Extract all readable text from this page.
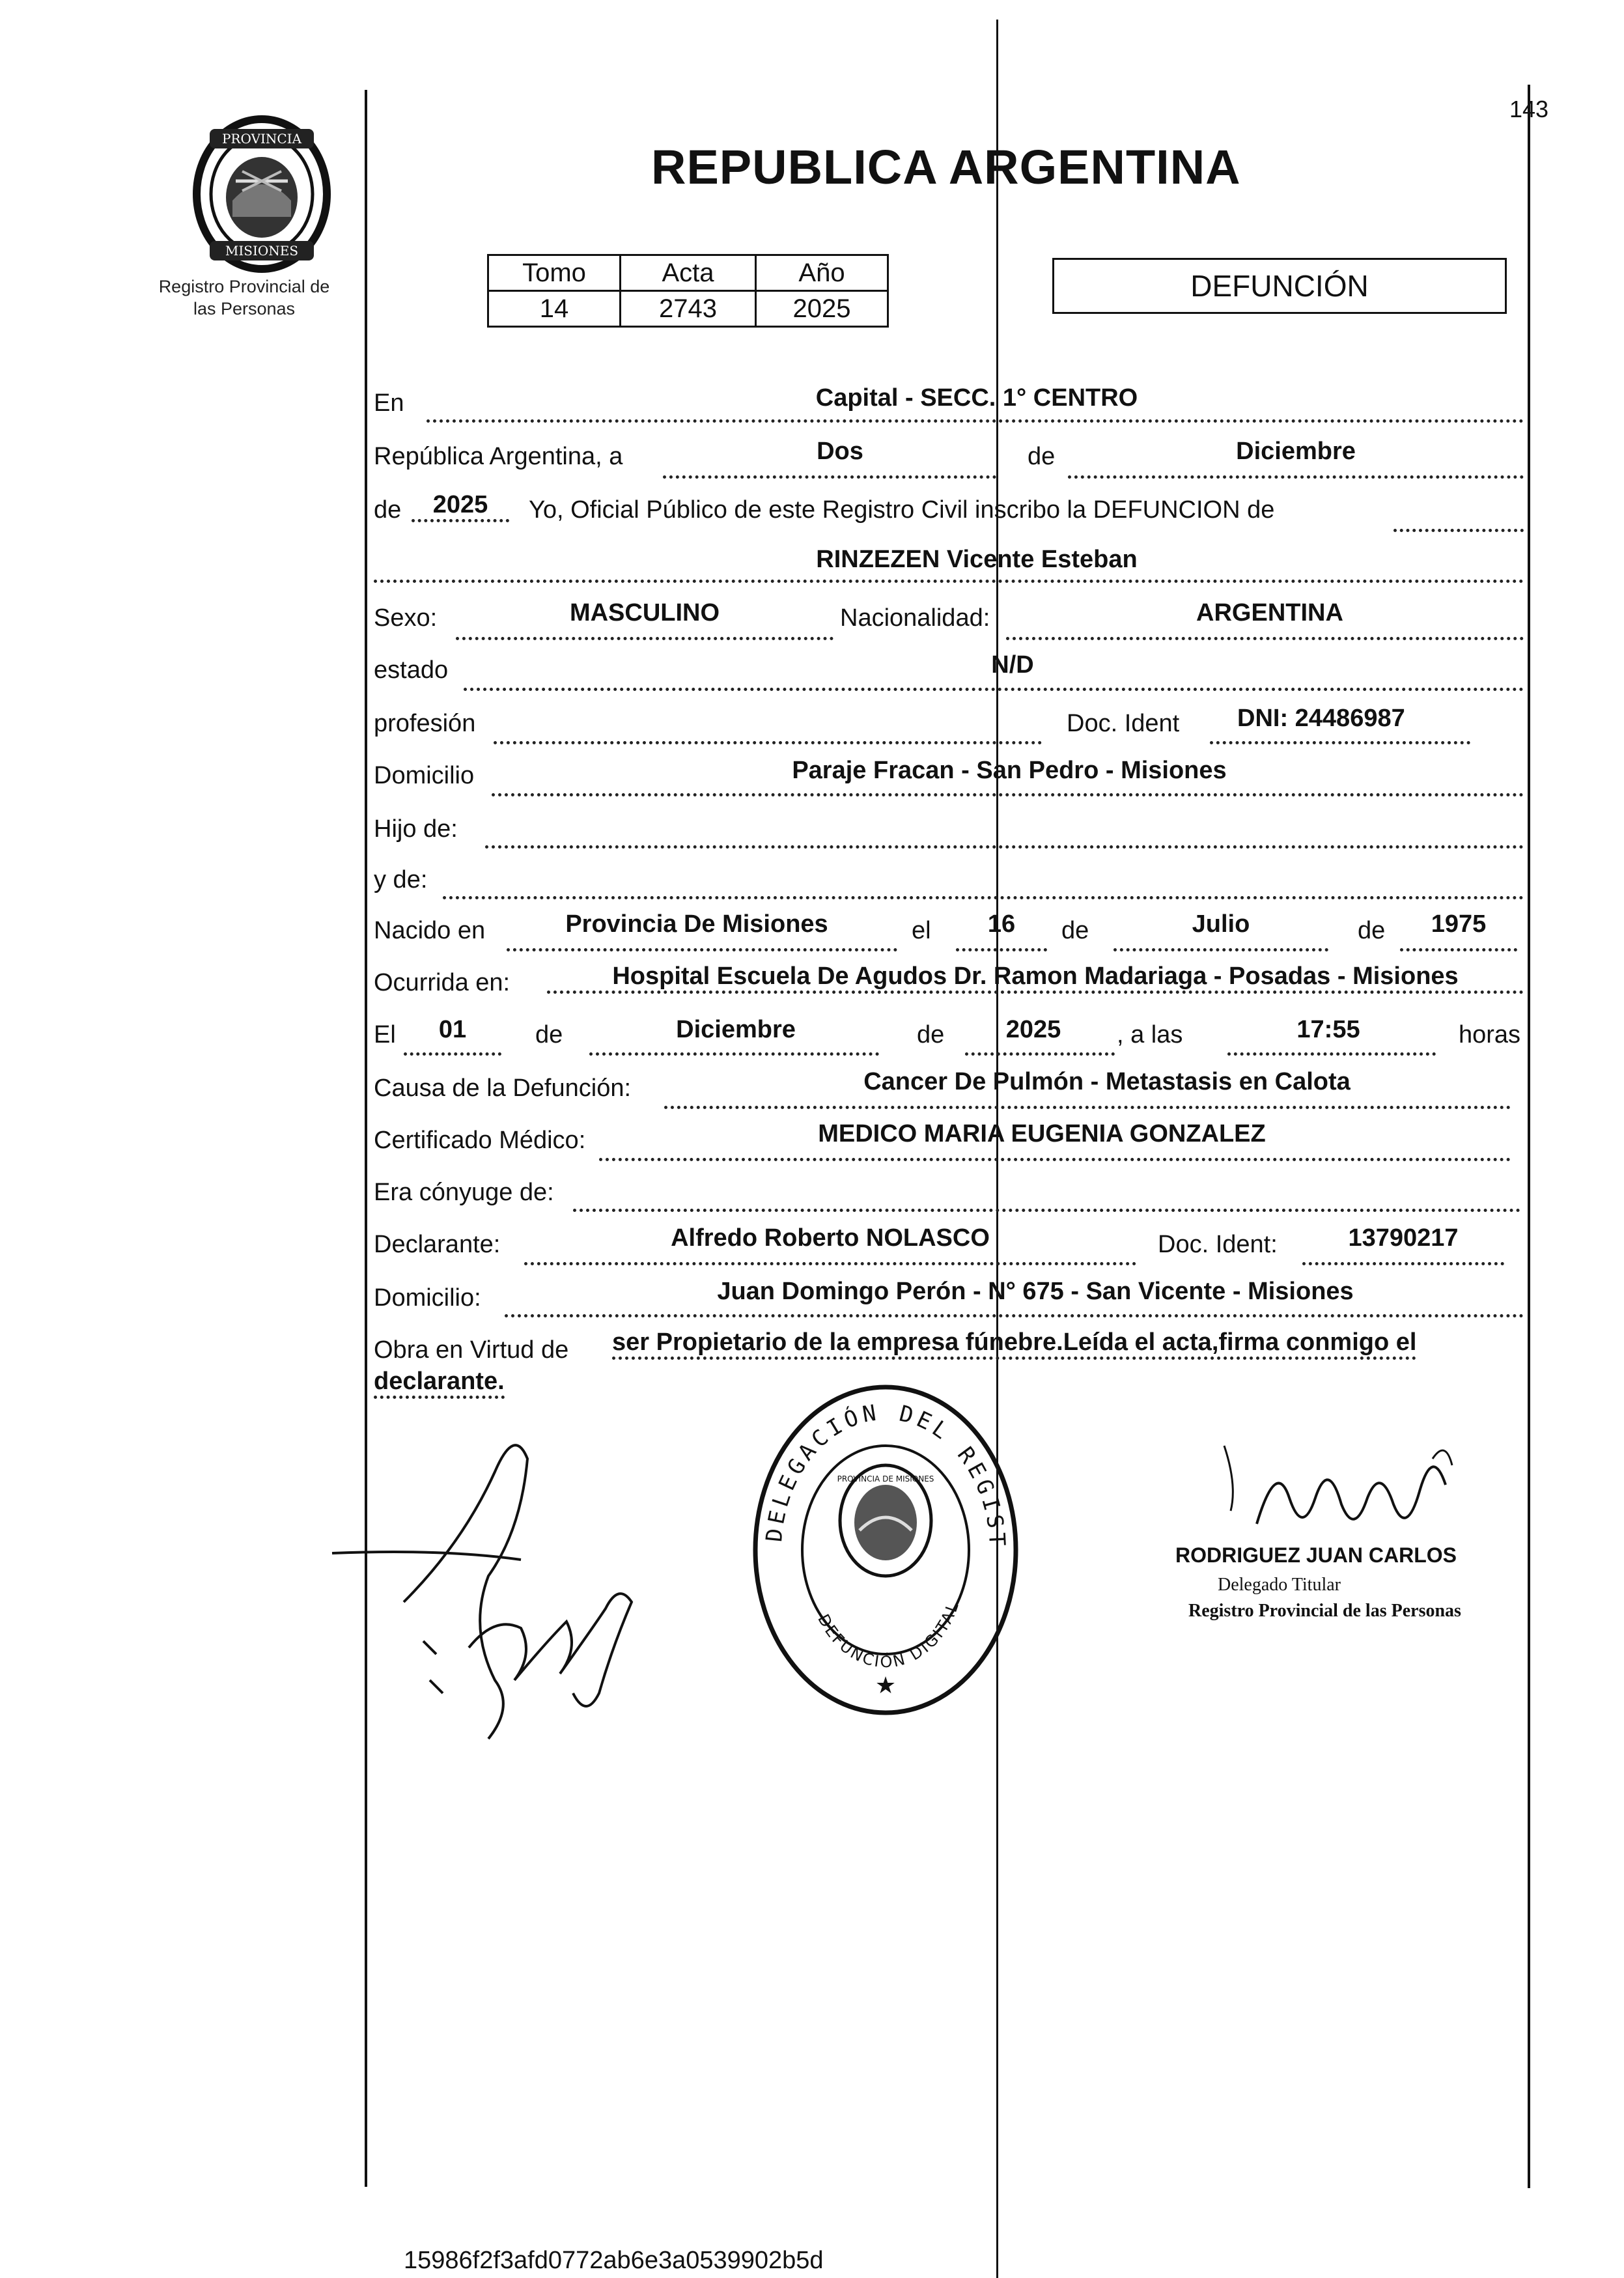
PROVINCIA
MISIONES
Registro Provincial de
las Personas
143
REPUBLICA ARGENTINA
Tomo	Acta	Año
14	2743	2025
DEFUNCIÓN
En	Capital - SECC. 1° CENTRO
República Argentina, a	Dos	de	Diciembre
de	2025	Yo, Oficial Público de este Registro Civil inscribo la DEFUNCION de
RINZEZEN Vicente Esteban
Sexo:	MASCULINO	Nacionalidad:	ARGENTINA
estado	N/D
profesión	Doc. Ident DNI: 24486987
Domicilio	Paraje Fracan - San Pedro - Misiones
Hijo de:
y de:
Nacido en	Provincia De Misiones	el	16	de	Julio	de	1975
Ocurrida en:	Hospital Escuela De Agudos Dr. Ramon Madariaga - Posadas - Misiones
El	01	de	Diciembre	de	2025	, a las	17:55	horas
Causa de la Defunción:	Cancer De Pulmón - Metastasis en Calota
Certificado Médico:	MEDICO MARIA EUGENIA GONZALEZ
Era cónyuge de:
Declarante:	Alfredo Roberto NOLASCO	Doc. Ident:	13790217
Domicilio:	Juan Domingo Perón - N° 675 - San Vicente - Misiones
Obra en Virtud de ser Propietario de la empresa fúnebre.Leída el acta,firma conmigo el
declarante.
DELEGACIÓN DEL REGIST
DEFUNCIÓN DIGITAL
PROVINCIA DE MISIONES
★
RODRIGUEZ JUAN CARLOS
Delegado Titular
Registro Provincial de las Personas
15986f2f3afd0772ab6e3a0539902b5d
